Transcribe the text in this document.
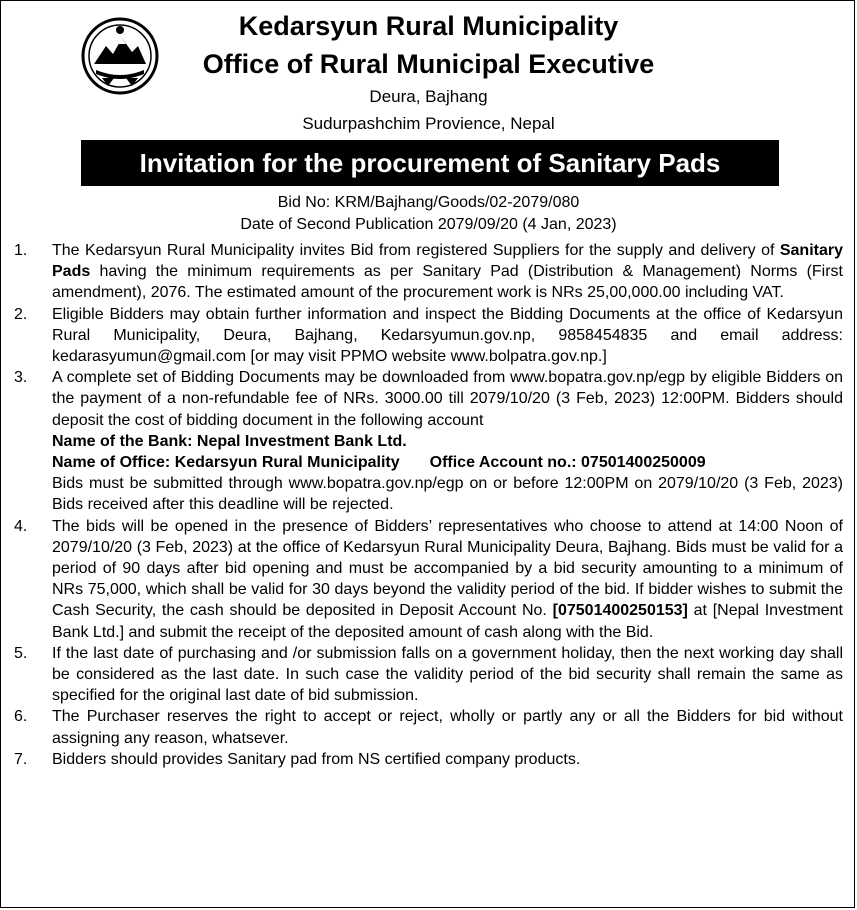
Kedarsyun Rural Municipality
Office of Rural Municipal Executive
Deura, Bajhang
Sudurpashchim Provience, Nepal
Invitation for the procurement of Sanitary Pads
Bid No: KRM/Bajhang/Goods/02-2079/080
Date of Second Publication 2079/09/20 (4 Jan, 2023)
1. The Kedarsyun Rural Municipality invites Bid from registered Suppliers for the supply and delivery of Sanitary Pads having the minimum requirements as per Sanitary Pad (Distribution & Management) Norms (First amendment), 2076. The estimated amount of the procurement work is NRs 25,00,000.00 including VAT.

2. Eligible Bidders may obtain further information and inspect the Bidding Documents at the office of Kedarsyun Rural Municipality, Deura, Bajhang, Kedarsyumun.gov.np, 9858454835 and email address: kedarasyumun@gmail.com [or may visit PPMO website www.bolpatra.gov.np.]

3. A complete set of Bidding Documents may be downloaded from www.bopatra.gov.np/egp by eligible Bidders on the payment of a non-refundable fee of NRs. 3000.00 till 2079/10/20 (3 Feb, 2023) 12:00PM. Bidders should deposit the cost of bidding document in the following account

Name of the Bank: Nepal Investment Bank Ltd.

Name of Office: Kedarsyun Rural Municipality Office Account no.: 07501400250009

Bids must be submitted through www.bopatra.gov.np/egp on or before 12:00PM on 2079/10/20 (3 Feb, 2023) Bids received after this deadline will be rejected.

4. The bids will be opened in the presence of Bidders’ representatives who choose to attend at 14:00 Noon of 2079/10/20 (3 Feb, 2023) at the office of Kedarsyun Rural Municipality Deura, Bajhang. Bids must be valid for a period of 90 days after bid opening and must be accompanied by a bid security amounting to a minimum of NRs 75,000, which shall be valid for 30 days beyond the validity period of the bid. If bidder wishes to submit the Cash Security, the cash should be deposited in Deposit Account No. [07501400250153] at [Nepal Investment Bank Ltd.] and submit the receipt of the deposited amount of cash along with the Bid.

5. If the last date of purchasing and /or submission falls on a government holiday, then the next working day shall be considered as the last date. In such case the validity period of the bid security shall remain the same as specified for the original last date of bid submission.

6. The Purchaser reserves the right to accept or reject, wholly or partly any or all the Bidders for bid without assigning any reason, whatsever.

7. Bidders should provides Sanitary pad from NS certified company products.
